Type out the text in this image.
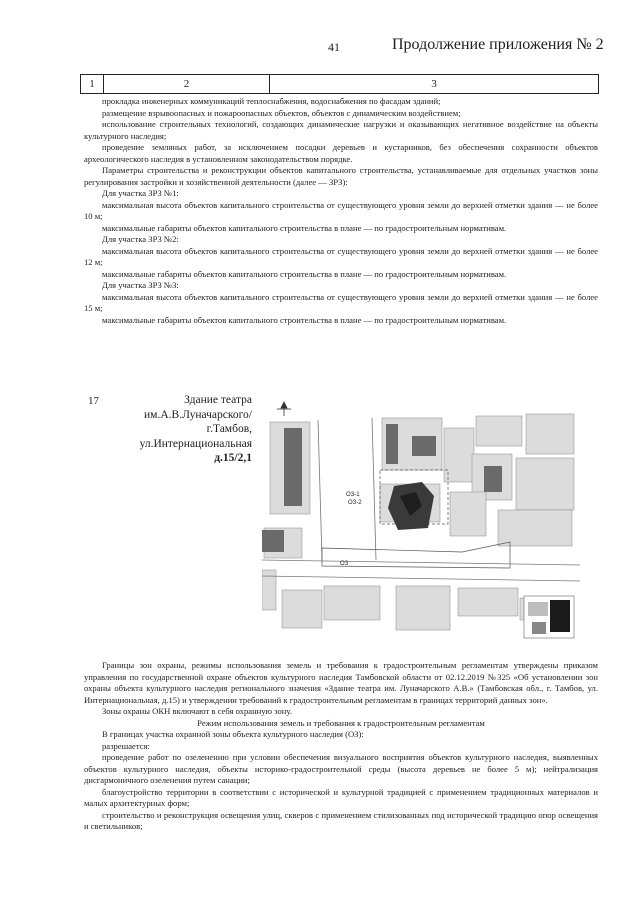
41	Продолжение приложения № 2
1	2	3

прокладка инженерных коммуникаций теплоснабжения, водоснабжения по фасадам зданий;

размещение взрывоопасных и пожароопасных объектов, объектов с динамическим воздействием;

использование строительных технологий, создающих динамические нагрузки и оказывающих негативное воздействие на объекты культурного наследия;

проведение земляных работ, за исключением посадки деревьев и кустарников, без обеспечения сохранности объектов археологического наследия в установленном законодательством порядке.

Параметры строительства и реконструкции объектов капитального строительства, устанавливаемые для отдельных участков зоны регулирования застройки и хозяйственной деятельности (далее — ЗРЗ):

Для участка ЗРЗ №1:

максимальная высота объектов капитального строительства от существующего уровня земли до верхней отметки здания — не более 10 м;

максимальные габариты объектов капитального строительства в плане — по градостроительным нормативам.

Для участка ЗРЗ №2:

максимальная высота объектов капитального строительства от существующего уровня земли до верхней отметки здания — не более 12 м;

максимальные габариты объектов капитального строительства в плане — по градостроительным нормативам.

Для участка ЗРЗ №3:

максимальная высота объектов капитального строительства от существующего уровня земли до верхней отметки здания — не более 15 м;

максимальные габариты объектов капитального строительства в плане — по градостроительным нормативам.

17	Здание театра
им.А.В.Луначарского/
г.Тамбов,
ул.Интернациональная
д.15/2,1
ОЗ-1
ОЗ-2
ОЗ

Границы зон охраны, режимы использования земель и требования к градостроительным регламентам утверждены приказом управления по государственной охране объектов культурного наследия Тамбовской области от 02.12.2019 №325 «Об установлении зон охраны объекта культурного наследия регионального значения «Здание театра им. Луначарского А.В.» (Тамбовская обл., г. Тамбов, ул. Интернациональная, д.15) и утверждении требований к градостроительным регламентам в границах территорий данных зон».

Зоны охраны ОКН включают в себя охранную зону.

Режим использования земель и требования к градостроительным регламентам

В границах участка охранной зоны объекта культурного наследия (ОЗ):

разрешается:

проведение работ по озеленению при условии обеспечения визуального восприятия объектов культурного наследия, выявленных объектов культурного наследия, объекты историко-градостроительной среды (высота деревьев не более 5 м); нейтрализация дисгармоничного озеленения путем санации;

благоустройство территории в соответствии с исторической и культурной традицией с применением традиционных материалов и малых архитектурных форм;

строительство и реконструкция освещения улиц, скверов с применением стилизованных под исторической традицию опор освещения и светильников;
